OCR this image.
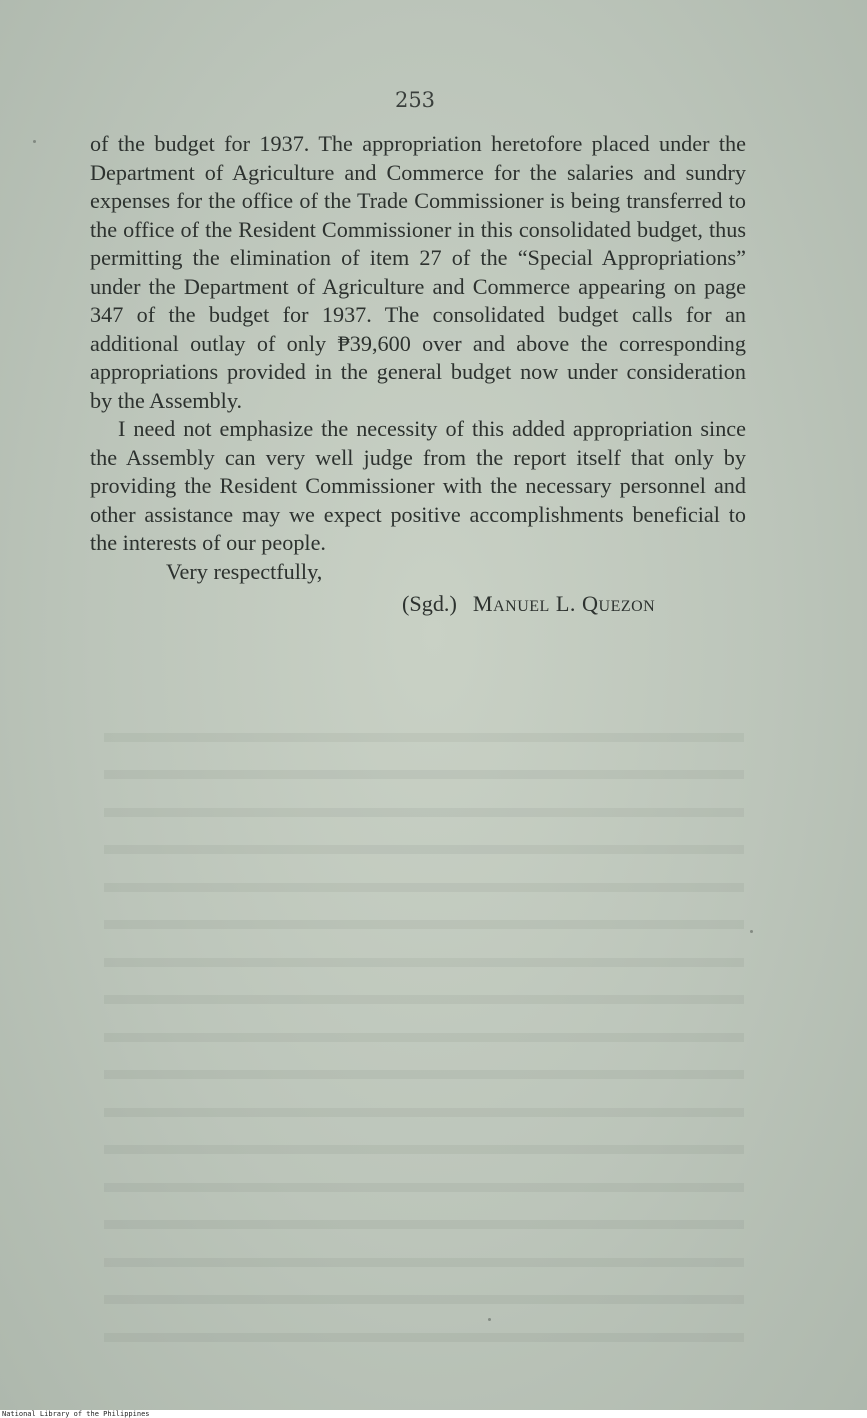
253

of the budget for 1937. The appropriation heretofore placed under the Department of Agriculture and Commerce for the salaries and sundry expenses for the office of the Trade Commissioner is being transferred to the office of the Resident Commissioner in this consolidated budget, thus permitting the elimination of item 27 of the “Special Appropriations” under the Department of Agriculture and Commerce appearing on page 347 of the budget for 1937. The consolidated budget calls for an additional outlay of only ₱39,600 over and above the corresponding appropriations provided in the general budget now under consideration by the Assembly.

I need not emphasize the necessity of this added appropriation since the Assembly can very well judge from the report itself that only by providing the Resident Commissioner with the necessary personnel and other assistance may we expect positive accomplishments beneficial to the interests of our people.

Very respectfully,

(Sgd.) Manuel L. Quezon

National Library of the Philippines
